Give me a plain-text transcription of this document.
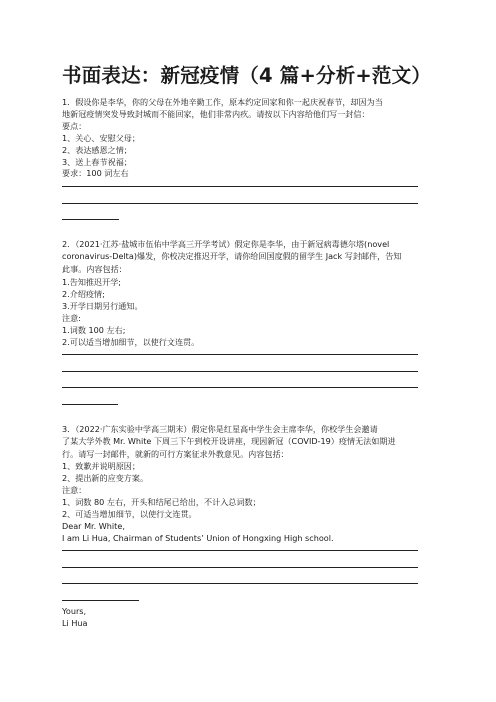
书面表达：新冠疫情（4 篇+分析+范文）
1．假设你是李华，你的父母在外地辛勤工作，原本约定回家和你一起庆祝春节，却因为当
地新冠疫情突发导致封城而不能回家，他们非常内疚。请按以下内容给他们写一封信：
要点：
1、关心、安慰父母；
2、表达感恩之情；
3、送上春节祝福；
要求：100 词左右
2．（2021·江苏·盐城市伍佑中学高三开学考试）假定你是李华，由于新冠病毒德尔塔(novel
coronavirus-Delta)爆发，你校决定推迟开学，请你给回国度假的留学生 Jack 写封邮件，告知
此事。内容包括：
1.告知推迟开学;
2.介绍疫情;
3.开学日期另行通知。
注意:
1.词数 100 左右;
2.可以适当增加细节，以使行文连贯。
3．（2022·广东实验中学高三期末）假定你是红星高中学生会主席李华，你校学生会邀请
了某大学外教 Mr. White 下周三下午到校开设讲座，现因新冠（COVID-19）疫情无法如期进
行。请写一封邮件，就新的可行方案征求外教意见。内容包括：
1、致歉并说明原因；
2、提出新的应变方案。
注意：
1、词数 80 左右，开头和结尾已给出，不计入总词数；
2、可适当增加细节，以使行文连贯。
Dear Mr. White,
I am Li Hua, Chairman of Students’ Union of Hongxing High school.
Yours,
Li Hua
